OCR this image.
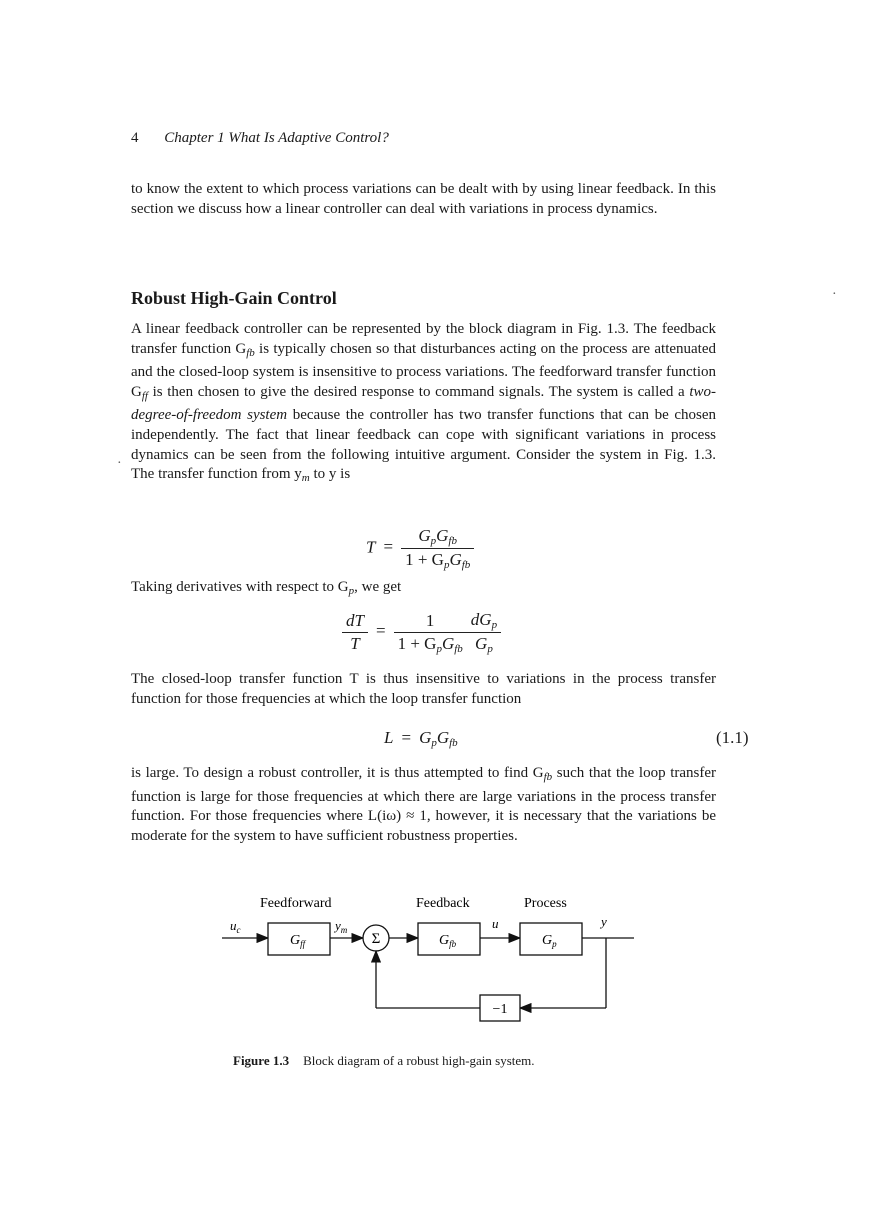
4 Chapter 1 What Is Adaptive Control?

to know the extent to which process variations can be dealt with by using linear feedback. In this section we discuss how a linear controller can deal with variations in process dynamics.

Robust High-Gain Control

A linear feedback controller can be represented by the block diagram in Fig. 1.3. The feedback transfer function $G_{fb}$ is typically chosen so that disturbances acting on the process are attenuated and the closed-loop system is insensitive to process variations. The feedforward transfer function $G_{ff}$ is then chosen to give the desired response to command signals. The system is called a two-degree-of-freedom system because the controller has two transfer functions that can be chosen independently. The fact that linear feedback can cope with significant variations in process dynamics can be seen from the following intuitive argument. Consider the system in Fig. 1.3. The transfer function from $y_m$ to y is

$T = \frac{G_pG_{fb}}{1 + G_pG_{fb}}$

Taking derivatives with respect to $G_p$, we get

$\frac{dT}{T} = \frac{1}{1 + G_pG_{fb}} \frac{dG_p}{G_p}$

The closed-loop transfer function T is thus insensitive to variations in the process transfer function for those frequencies at which the loop transfer function

$L = G_pG_{fb}$	(1.1)

is large. To design a robust controller, it is thus attempted to find $G_{fb}$ such that the loop transfer function is large for those frequencies at which there are large variations in the process transfer function. For those frequencies where L(iω) ≈ 1, however, it is necessary that the variations be moderate for the system to have sufficient robustness properties.

Feedforward	Feedback	Process
$u_c$
$G_{ff}$
$y_m$
Σ	$G_{fb}$
u
$G_p$
y
−1
Figure 1.3 Block diagram of a robust high-gain system.
·
·
